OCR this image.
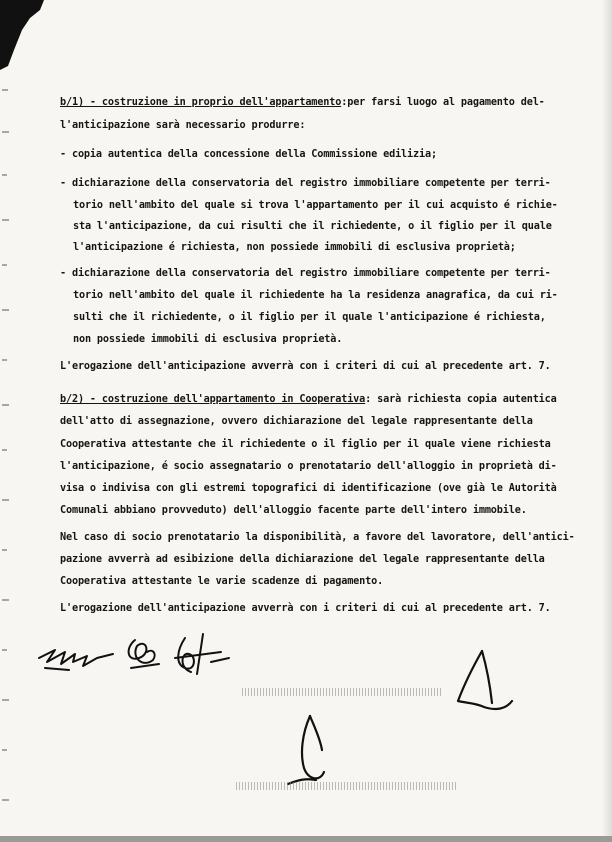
b/1) - costruzione in proprio dell'appartamento:per farsi luogo al pagamento del-
l'anticipazione sarà necessario produrre:
- copia autentica della concessione della Commissione edilizia;
- dichiarazione della conservatoria del registro immobiliare competente per terri-
torio nell'ambito del quale si trova l'appartamento per il cui acquisto é richie-
sta l'anticipazione, da cui risulti che il richiedente, o il figlio per il quale
l'anticipazione é richiesta, non possiede immobili di esclusiva proprietà;
- dichiarazione della conservatoria del registro immobiliare competente per terri-
torio nell'ambito del quale il richiedente ha la residenza anagrafica, da cui ri-
sulti che il richiedente, o il figlio per il quale l'anticipazione é richiesta,
non possiede immobili di esclusiva proprietà.
L'erogazione dell'anticipazione avverrà con i criteri di cui al precedente art. 7.
b/2) - costruzione dell'appartamento in Cooperativa: sarà richiesta copia autentica
dell'atto di assegnazione, ovvero dichiarazione del legale rappresentante della
Cooperativa attestante che il richiedente o il figlio per il quale viene richiesta
l'anticipazione, é socio assegnatario o prenotatario dell'alloggio in proprietà di-
visa o indivisa con gli estremi topografici di identificazione (ove già le Autorità
Comunali abbiano provveduto) dell'alloggio facente parte dell'intero immobile.
Nel caso di socio prenotatario la disponibilità, a favore del lavoratore, dell'antici-
pazione avverrà ad esibizione della dichiarazione del legale rappresentante della
Cooperativa attestante le varie scadenze di pagamento.
L'erogazione dell'anticipazione avverrà con i criteri di cui al precedente art. 7.
